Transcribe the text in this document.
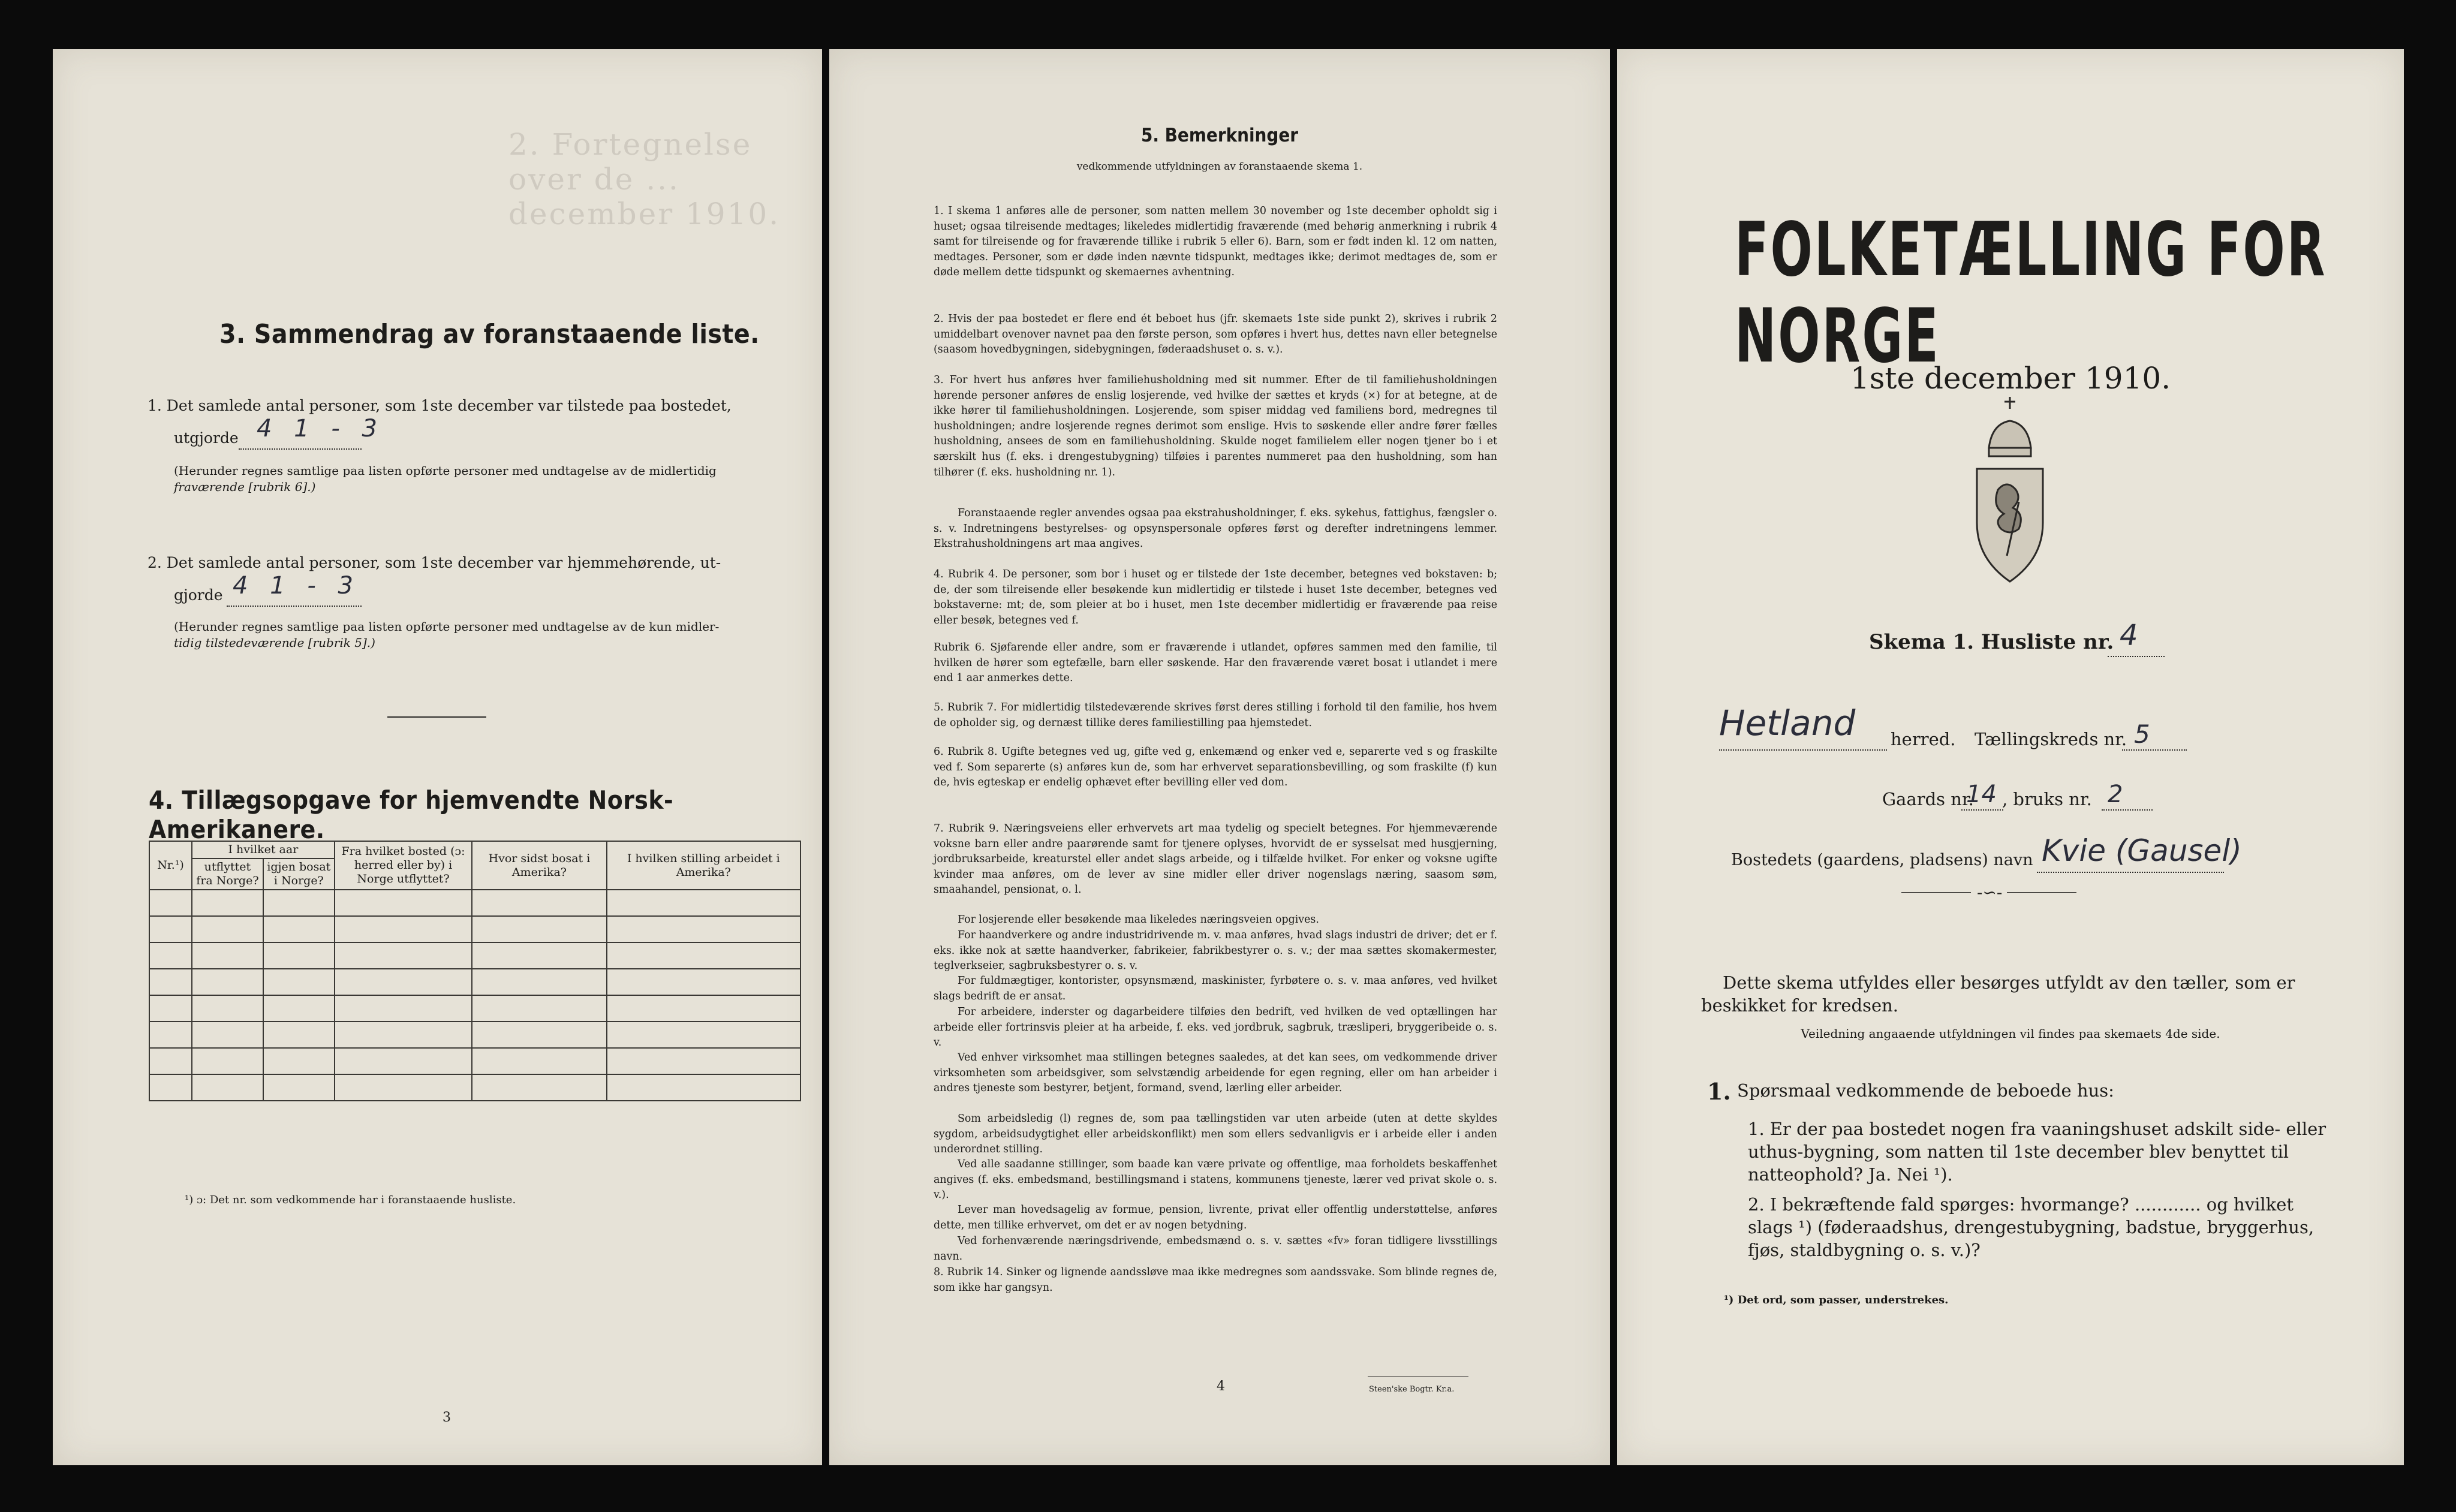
2. Fortegnelse over de ... december 1910.
3. Sammendrag av foranstaaende liste.
1. Det samlede antal personer, som 1ste december var tilstede paa bostedet,
utgjorde 4 1 - 3
(Herunder regnes samtlige paa listen opførte personer med undtagelse av de midlertidig
fraværende [rubrik 6].)
2. Det samlede antal personer, som 1ste december var hjemmehørende, ut-
gjorde 4 1 - 3
(Herunder regnes samtlige paa listen opførte personer med undtagelse av de kun midler-
tidig tilstedeværende [rubrik 5].)
4. Tillægsopgave for hjemvendte Norsk-Amerikanere.
Nr.¹)	I hvilket aar		Fra hvilket bosted (ɔ: herred eller by) i Norge utflyttet?	Hvor sidst bosat i Amerika?	I hvilken stilling arbeidet i Amerika?
	utflyttet fra Norge?	igjen bosat i Norge?			

¹) ɔ: Det nr. som vedkommende har i foranstaaende husliste.
3
5. Bemerkninger
vedkommende utfyldningen av foranstaaende skema 1.
1. I skema 1 anføres alle de personer, som natten mellem 30 november og 1ste december opholdt sig i huset; ogsaa tilreisende medtages; likeledes midlertidig fraværende (med behørig anmerkning i rubrik 4 samt for tilreisende og for fraværende tillike i rubrik 5 eller 6). Barn, som er født inden kl. 12 om natten, medtages. Personer, som er døde inden nævnte tidspunkt, medtages ikke; derimot medtages de, som er døde mellem dette tidspunkt og skemaernes avhentning.
2. Hvis der paa bostedet er flere end ét beboet hus (jfr. skemaets 1ste side punkt 2), skrives i rubrik 2 umiddelbart ovenover navnet paa den første person, som opføres i hvert hus, dettes navn eller betegnelse (saasom hovedbygningen, sidebygningen, føderaadshuset o. s. v.).
3. For hvert hus anføres hver familiehusholdning med sit nummer. Efter de til familiehusholdningen hørende personer anføres de enslig losjerende, ved hvilke der sættes et kryds (×) for at betegne, at de ikke hører til familiehusholdningen. Losjerende, som spiser middag ved familiens bord, medregnes til husholdningen; andre losjerende regnes derimot som enslige. Hvis to søskende eller andre fører fælles husholdning, ansees de som en familiehusholdning. Skulde noget familielem eller nogen tjener bo i et særskilt hus (f. eks. i drengestubygning) tilføies i parentes nummeret paa den husholdning, som han tilhører (f. eks. husholdning nr. 1).
Foranstaaende regler anvendes ogsaa paa ekstrahusholdninger, f. eks. sykehus, fattighus, fængsler o. s. v. Indretningens bestyrelses- og opsynspersonale opføres først og derefter indretningens lemmer. Ekstrahusholdningens art maa angives.
4. Rubrik 4. De personer, som bor i huset og er tilstede der 1ste december, betegnes ved bokstaven: b; de, der som tilreisende eller besøkende kun midlertidig er tilstede i huset 1ste december, betegnes ved bokstaverne: mt; de, som pleier at bo i huset, men 1ste december midlertidig er fraværende paa reise eller besøk, betegnes ved f.
Rubrik 6. Sjøfarende eller andre, som er fraværende i utlandet, opføres sammen med den familie, til hvilken de hører som egtefælle, barn eller søskende. Har den fraværende været bosat i utlandet i mere end 1 aar anmerkes dette.
5. Rubrik 7. For midlertidig tilstedeværende skrives først deres stilling i forhold til den familie, hos hvem de opholder sig, og dernæst tillike deres familiestilling paa hjemstedet.
6. Rubrik 8. Ugifte betegnes ved ug, gifte ved g, enkemænd og enker ved e, separerte ved s og fraskilte ved f. Som separerte (s) anføres kun de, som har erhvervet separationsbevilling, og som fraskilte (f) kun de, hvis egteskap er endelig ophævet efter bevilling eller ved dom.
7. Rubrik 9. Næringsveiens eller erhvervets art maa tydelig og specielt betegnes. For hjemmeværende voksne barn eller andre paarørende samt for tjenere oplyses, hvorvidt de er sysselsat med husgjerning, jordbruksarbeide, kreaturstel eller andet slags arbeide, og i tilfælde hvilket. For enker og voksne ugifte kvinder maa anføres, om de lever av sine midler eller driver nogenslags næring, saasom søm, smaahandel, pensionat, o. l.
For losjerende eller besøkende maa likeledes næringsveien opgives.
For haandverkere og andre industridrivende m. v. maa anføres, hvad slags industri de driver; det er f. eks. ikke nok at sætte haandverker, fabrikeier, fabrikbestyrer o. s. v.; der maa sættes skomakermester, teglverkseier, sagbruksbestyrer o. s. v.
For fuldmægtiger, kontorister, opsynsmænd, maskinister, fyrbøtere o. s. v. maa anføres, ved hvilket slags bedrift de er ansat.
For arbeidere, inderster og dagarbeidere tilføies den bedrift, ved hvilken de ved optællingen har arbeide eller fortrinsvis pleier at ha arbeide, f. eks. ved jordbruk, sagbruk, træsliperi, bryggeribeide o. s. v.
Ved enhver virksomhet maa stillingen betegnes saaledes, at det kan sees, om vedkommende driver virksomheten som arbeidsgiver, som selvstændig arbeidende for egen regning, eller om han arbeider i andres tjeneste som bestyrer, betjent, formand, svend, lærling eller arbeider.
Som arbeidsledig (l) regnes de, som paa tællingstiden var uten arbeide (uten at dette skyldes sygdom, arbeidsudygtighet eller arbeidskonflikt) men som ellers sedvanligvis er i arbeide eller i anden underordnet stilling.
Ved alle saadanne stillinger, som baade kan være private og offentlige, maa forholdets beskaffenhet angives (f. eks. embedsmand, bestillingsmand i statens, kommunens tjeneste, lærer ved privat skole o. s. v.).
Lever man hovedsagelig av formue, pension, livrente, privat eller offentlig understøttelse, anføres dette, men tillike erhvervet, om det er av nogen betydning.
Ved forhenværende næringsdrivende, embedsmænd o. s. v. sættes «fv» foran tidligere livsstillings navn.
8. Rubrik 14. Sinker og lignende aandssløve maa ikke medregnes som aandssvake. Som blinde regnes de, som ikke har gangsyn.
4	Steen'ske Bogtr. Kr.a.
FOLKETÆLLING FOR NORGE
1ste december 1910.
Skema 1. Husliste nr. 4
Hetland herred. Tællingskreds nr. 5
Gaards nr.
14 , bruks nr. 2
Bostedets (gaardens, pladsens) navn Kvie (Gausel)
-∽-
Dette skema utfyldes eller besørges utfyldt av den tæller, som er beskikket for kredsen.
Veiledning angaaende utfyldningen vil findes paa skemaets 4de side.
1. Spørsmaal vedkommende de beboede hus:
1. Er der paa bostedet nogen fra vaaningshuset adskilt side- eller uthus-bygning, som natten til 1ste december blev benyttet til natteophold? Ja. Nei ¹).
2. I bekræftende fald spørges: hvormange? ............ og hvilket slags ¹) (føderaadshus, drengestubygning, badstue, bryggerhus, fjøs, staldbygning o. s. v.)?
¹) Det ord, som passer, understrekes.
